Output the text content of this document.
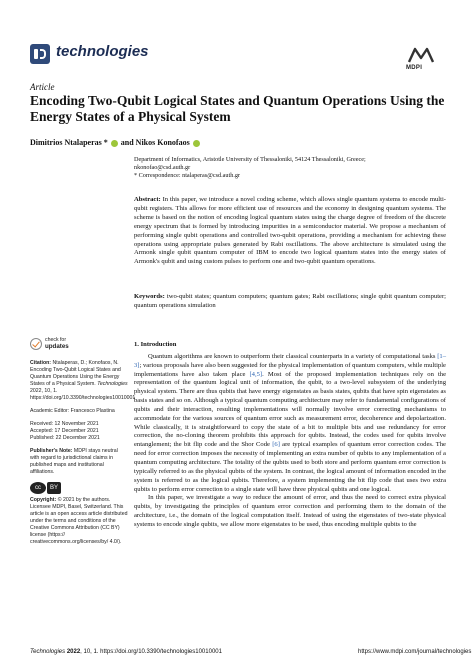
technologies
MDPI
Article
Encoding Two-Qubit Logical States and Quantum Operations Using the Energy States of a Physical System
Dimitrios Ntalaperas * and Nikos Konofaos
Department of Informatics, Aristotle University of Thessaloniki, 54124 Thessaloniki, Greece;
nkonofao@csd.auth.gr
* Correspondence: ntalaperas@csd.auth.gr
Abstract: In this paper, we introduce a novel coding scheme, which allows single quantum systems to encode multi-qubit registers. This allows for more efficient use of resources and the economy in designing quantum systems. The scheme is based on the notion of encoding logical quantum states using the charge degree of freedom of the discrete energy spectrum that is formed by introducing impurities in a semiconductor material. We propose a mechanism of performing single qubit operations and controlled two-qubit operations, providing a mechanism for achieving these operations using appropriate pulses generated by Rabi oscillations. The above architecture is simulated using the Armonk single qubit quantum computer of IBM to encode two logical quantum states into the energy states of Armonk's qubit and using custom pulses to perform one and two-qubit quantum operations.
Keywords: two-qubit states; quantum computers; quantum gates; Rabi oscillations; single qubit quantum computer; quantum operations simulation
check for
updates
Citation: Ntalaperas, D.; Konofaos, N. Encoding Two-Qubit Logical States and Quantum Operations Using the Energy States of a Physical System. Technologies 2022, 10, 1. https://doi.org/10.3390/technologies10010001
Academic Editor: Francesco Plastina
Received: 12 November 2021
Accepted: 17 December 2021
Published: 22 December 2021
Publisher's Note: MDPI stays neutral with regard to jurisdictional claims in published maps and institutional affiliations.
cc	BY
Copyright: © 2021 by the authors. Licensee MDPI, Basel, Switzerland. This article is an open access article distributed under the terms and conditions of the Creative Commons Attribution (CC BY) license (https:// creativecommons.org/licenses/by/ 4.0/).
1. Introduction

Quantum algorithms are known to outperform their classical counterparts in a variety of computational tasks [1–3]; various proposals have also been suggested for the physical implementation of quantum computers, while multiple implementations have also taken place [4,5]. Most of the proposed implementation techniques rely on the representation of the quantum logical unit of information, the qubit, to a two-level subsystem of the underlying physical system. There are thus qubits that have energy eigenstates as basis states, qubits that have spin eigenstates as basis states and so on. Although a typical quantum computing architecture may refer to fundamental configurations of qubits and their interaction, resulting implementations will normally involve error correcting mechanisms to accommodate for the various sources of quantum error such as measurement error, decoherence and depolarization. While classically, it is straightforward to copy the state of a bit to multiple bits and use redundancy for error correction, the no-cloning theorem prohibits this approach for qubits. Instead, the codes used for qubits involve entanglement; the bit flip code and the Shor Code [6] are typical examples of quantum error correction codes. The need for error correction imposes the necessity of implementing an extra number of qubits to any implementation of a quantum computing architecture. The totality of the qubits used to both store and perform quantum error correction is typically referred to as the physical qubits of the system. In contrast, the logical amount of information encoded in the system is referred to as the logical qubits. Therefore, a system implementing the bit flip code that uses two extra qubits to perform error correction to a single state will have three physical qubits and one logical.

In this paper, we investigate a way to reduce the amount of error, and thus the need to correct extra physical qubits, by investigating the principles of quantum error correction and performing them to the domain of the architecture, i.e., the domain of the logical computation itself. Instead of using the eigenstates of two-state physical systems to encode single qubits, we allow more eigenstates to be used, thus encoding multiple qubits to the

Technologies 2022, 10, 1. https://doi.org/10.3390/technologies10010001	https://www.mdpi.com/journal/technologies
